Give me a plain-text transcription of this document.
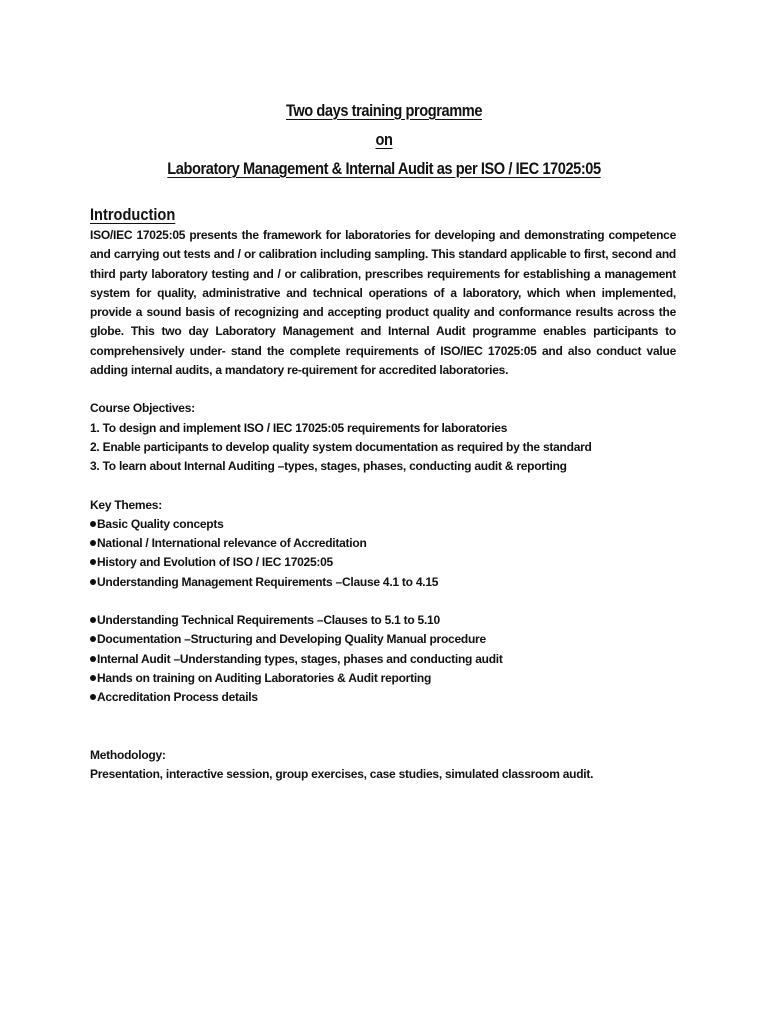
Two days training programme
on
Laboratory Management & Internal Audit as per ISO / IEC 17025:05
Introduction

ISO/IEC 17025:05 presents the framework for laboratories for developing and demonstrating competence and carrying out tests and / or calibration including sampling. This standard applicable to first, second and third party laboratory testing and / or calibration, prescribes requirements for establishing a management system for quality, administrative and technical operations of a laboratory, which when implemented, provide a sound basis of recognizing and accepting product quality and conformance results across the globe. This two day Laboratory Management and Internal Audit programme enables participants to comprehensively under- stand the complete requirements of ISO/IEC 17025:05 and also conduct value adding internal audits, a mandatory re-quirement for accredited laboratories.

Course Objectives:

1. To design and implement ISO / IEC 17025:05 requirements for laboratories

2. Enable participants to develop quality system documentation as required by the standard

3. To learn about Internal Auditing –types, stages, phases, conducting audit & reporting

Key Themes:

Basic Quality concepts
National / International relevance of Accreditation
History and Evolution of ISO / IEC 17025:05
Understanding Management Requirements –Clause 4.1 to 4.15
Understanding Technical Requirements –Clauses to 5.1 to 5.10
Documentation –Structuring and Developing Quality Manual procedure
Internal Audit –Understanding types, stages, phases and conducting audit
Hands on training on Auditing Laboratories & Audit reporting
Accreditation Process details

Methodology:

Presentation, interactive session, group exercises, case studies, simulated classroom audit.
